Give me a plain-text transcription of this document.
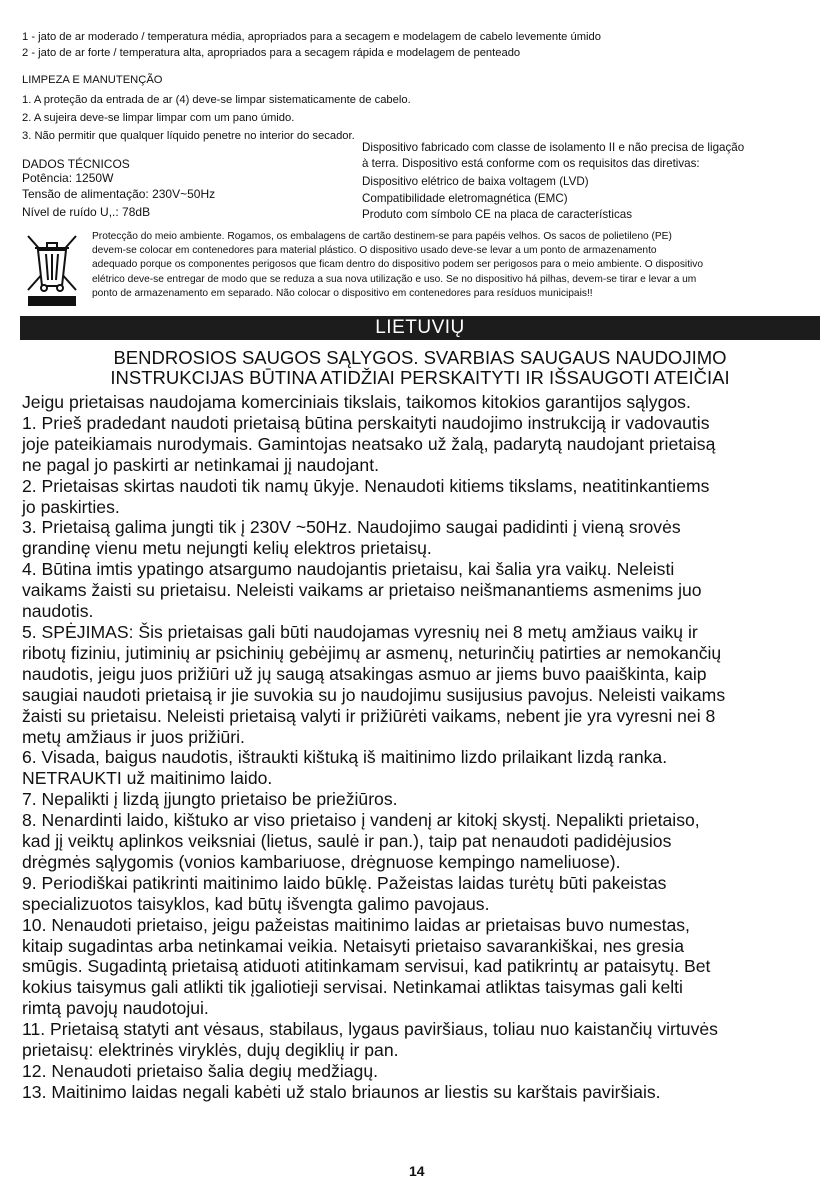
1 - jato de ar moderado / temperatura média, apropriados para a secagem e modelagem de cabelo levemente úmido
2 - jato de ar forte / temperatura alta, apropriados para a secagem rápida e modelagem de penteado
LIMPEZA E MANUTENÇÃO
1. A proteção da entrada de ar (4) deve-se limpar sistematicamente de cabelo.
2. A sujeira deve-se limpar limpar com um pano úmido.
3. Não permitir que qualquer líquido penetre no interior do secador.
DADOS TÉCNICOS
Potência: 1250W
Tensão de alimentação: 230V~50Hz
Nível de ruído U,.: 78dB
Dispositivo fabricado com classe de isolamento II e não precisa de ligação
à terra. Dispositivo está conforme com os requisitos das diretivas:
Dispositivo elétrico de baixa voltagem (LVD)
Compatibilidade eletromagnética (EMC)
Produto com símbolo CE na placa de características
Protecção do meio ambiente. Rogamos, os embalagens de cartão destinem-se para papéis velhos. Os sacos de polietileno (PE)
devem-se colocar em contenedores para material plástico. O dispositivo usado deve-se levar a um ponto de armazenamento
adequado porque os componentes perigosos que ficam dentro do dispositivo podem ser perigosos para o meio ambiente. O dispositivo
elétrico deve-se entregar de modo que se reduza a sua nova utilização e uso. Se no dispositivo há pilhas, devem-se tirar e levar a um
ponto de armazenamento em separado. Não colocar o dispositivo em contenedores para resíduos municipais!!
LIETUVIŲ
BENDROSIOS SAUGOS SĄLYGOS. SVARBIAS SAUGAUS NAUDOJIMO
INSTRUKCIJAS BŪTINA ATIDŽIAI PERSKAITYTI IR IŠSAUGOTI ATEIČIAI
Jeigu prietaisas naudojama komerciniais tikslais, taikomos kitokios garantijos sąlygos.
1. Prieš pradedant naudoti prietaisą būtina perskaityti naudojimo instrukciją ir vadovautis
joje pateikiamais nurodymais. Gamintojas neatsako už žalą, padarytą naudojant prietaisą
ne pagal jo paskirti ar netinkamai jį naudojant.
2. Prietaisas skirtas naudoti tik namų ūkyje. Nenaudoti kitiems tikslams, neatitinkantiems
jo paskirties.
3. Prietaisą galima jungti tik į 230V ~50Hz. Naudojimo saugai padidinti į vieną srovės
grandinę vienu metu nejungti kelių elektros prietaisų.
4. Būtina imtis ypatingo atsargumo naudojantis prietaisu, kai šalia yra vaikų. Neleisti
vaikams žaisti su prietaisu. Neleisti vaikams ar prietaiso neišmanantiems asmenims juo
naudotis.
5. SPĖJIMAS: Šis prietaisas gali būti naudojamas vyresnių nei 8 metų amžiaus vaikų ir
ribotų fiziniu, jutiminių ar psichinių gebėjimų ar asmenų, neturinčių patirties ar nemokančių
naudotis, jeigu juos prižiūri už jų saugą atsakingas asmuo ar jiems buvo paaiškinta, kaip
saugiai naudoti prietaisą ir jie suvokia su jo naudojimu susijusius pavojus. Neleisti vaikams
žaisti su prietaisu. Neleisti prietaisą valyti ir prižiūrėti vaikams, nebent jie yra vyresni nei 8
metų amžiaus ir juos prižiūri.
6. Visada, baigus naudotis, ištraukti kištuką iš maitinimo lizdo prilaikant lizdą ranka.
NETRAUKTI už maitinimo laido.
7. Nepalikti į lizdą įjungto prietaiso be priežiūros.
8. Nenardinti laido, kištuko ar viso prietaiso į vandenį ar kitokį skystį. Nepalikti prietaiso,
kad jį veiktų aplinkos veiksniai (lietus, saulė ir pan.), taip pat nenaudoti padidėjusios
drėgmės sąlygomis (vonios kambariuose, drėgnuose kempingo nameliuose).
9. Periodiškai patikrinti maitinimo laido būklę. Pažeistas laidas turėtų būti pakeistas
specializuotos taisyklos, kad būtų išvengta galimo pavojaus.
10. Nenaudoti prietaiso, jeigu pažeistas maitinimo laidas ar prietaisas buvo numestas,
kitaip sugadintas arba netinkamai veikia. Netaisyti prietaiso savarankiškai, nes gresia
smūgis. Sugadintą prietaisą atiduoti atitinkamam servisui, kad patikrintų ar pataisytų. Bet
kokius taisymus gali atlikti tik įgaliotieji servisai. Netinkamai atliktas taisymas gali kelti
rimtą pavojų naudotojui.
11. Prietaisą statyti ant vėsaus, stabilaus, lygaus paviršiaus, toliau nuo kaistančių virtuvės
prietaisų: elektrinės viryklės, dujų degiklių ir pan.
12. Nenaudoti prietaiso šalia degių medžiagų.
13. Maitinimo laidas negali kabėti už stalo briaunos ar liestis su karštais paviršiais.
14
